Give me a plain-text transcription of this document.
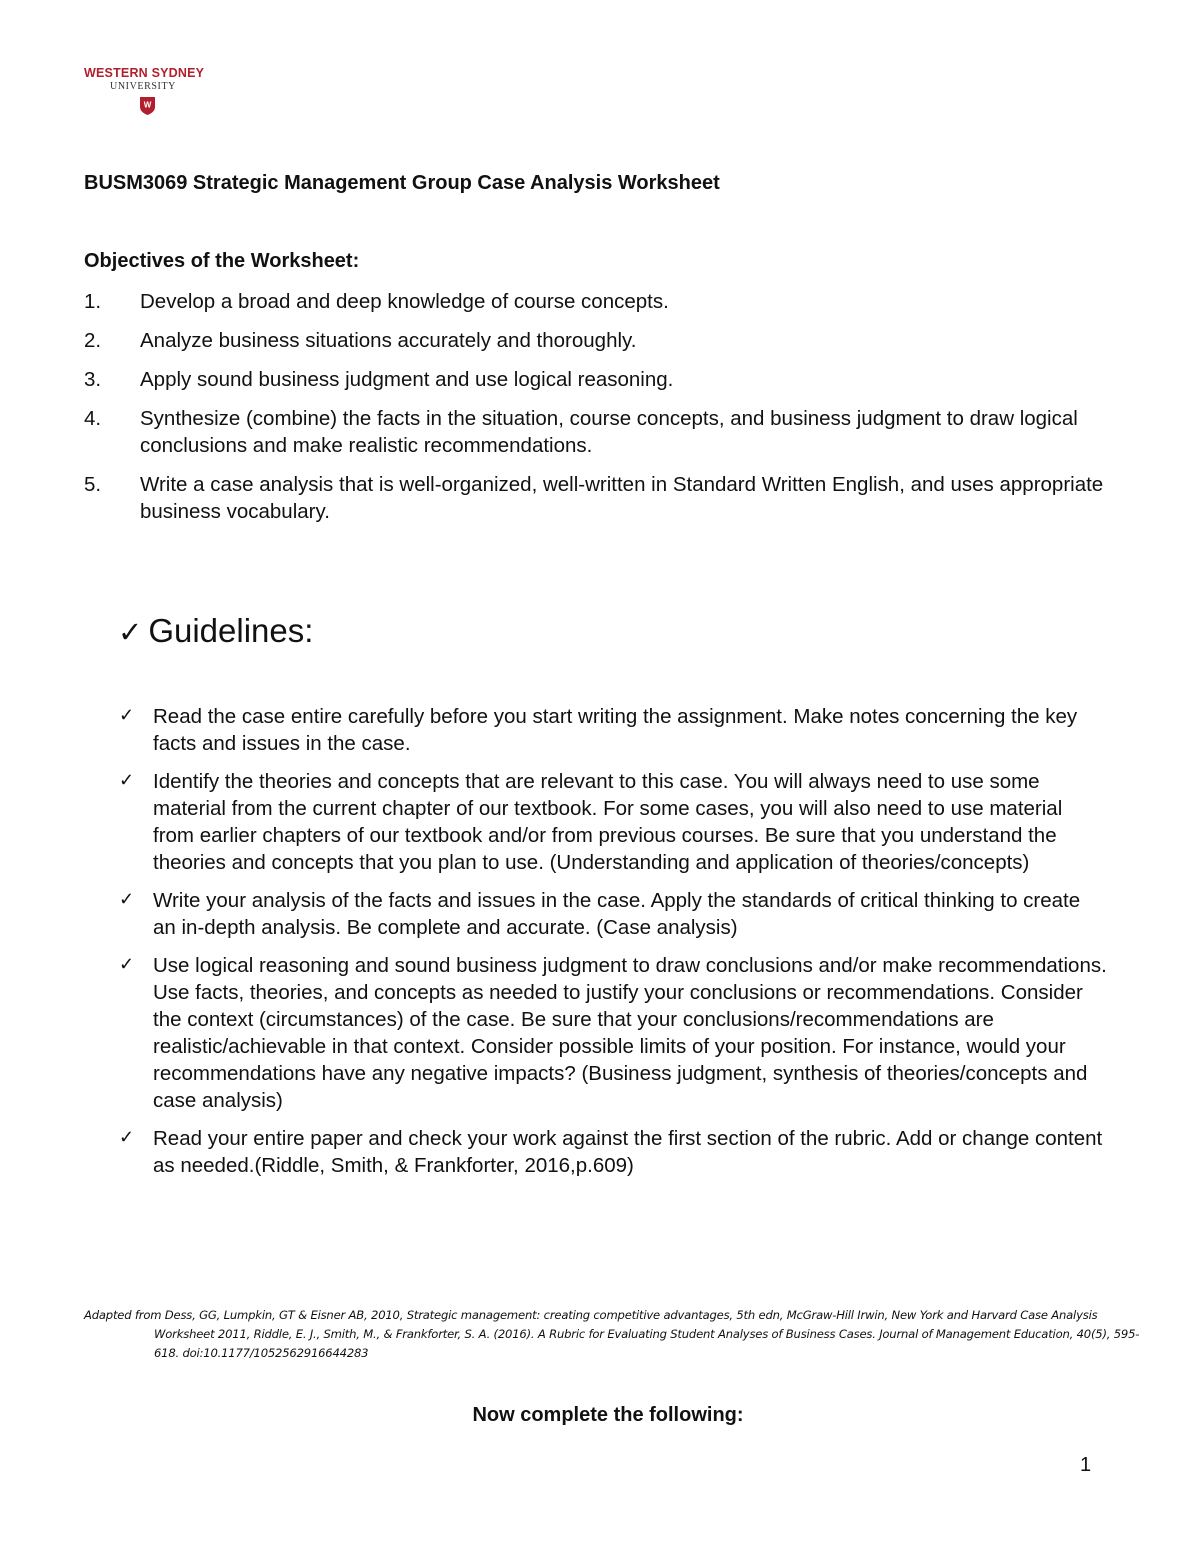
WESTERN SYDNEY
UNIVERSITY
W
BUSM3069 Strategic Management Group Case Analysis Worksheet
Objectives of the Worksheet:
1. Develop a broad and deep knowledge of course concepts.
2. Analyze business situations accurately and thoroughly.
3. Apply sound business judgment and use logical reasoning.
4. Synthesize (combine) the facts in the situation, course concepts, and business judgment to draw logical conclusions and make realistic recommendations.
5. Write a case analysis that is well-organized, well-written in Standard Written English, and uses appropriate business vocabulary.
✓ Guidelines:
✓ Read the case entire carefully before you start writing the assignment. Make notes concerning the key facts and issues in the case.
✓ Identify the theories and concepts that are relevant to this case. You will always need to use some material from the current chapter of our textbook. For some cases, you will also need to use material from earlier chapters of our textbook and/or from previous courses. Be sure that you understand the theories and concepts that you plan to use. (Understanding and application of theories/concepts)
✓ Write your analysis of the facts and issues in the case. Apply the standards of critical thinking to create an in-depth analysis. Be complete and accurate. (Case analysis)
✓ Use logical reasoning and sound business judgment to draw conclusions and/or make recommendations. Use facts, theories, and concepts as needed to justify your conclusions or recommendations. Consider the context (circumstances) of the case. Be sure that your conclusions/recommendations are realistic/achievable in that context. Consider possible limits of your position. For instance, would your recommendations have any negative impacts? (Business judgment, synthesis of theories/concepts and case analysis)
✓ Read your entire paper and check your work against the first section of the rubric. Add or change content as needed.(Riddle, Smith, & Frankforter, 2016,p.609)
Adapted from Dess, GG, Lumpkin, GT & Eisner AB, 2010, Strategic management: creating competitive advantages, 5th edn, McGraw-Hill Irwin, New York and Harvard Case Analysis Worksheet 2011, Riddle, E. J., Smith, M., & Frankforter, S. A. (2016). A Rubric for Evaluating Student Analyses of Business Cases. Journal of Management Education, 40(5), 595-618. doi:10.1177/1052562916644283
Now complete the following:
1
